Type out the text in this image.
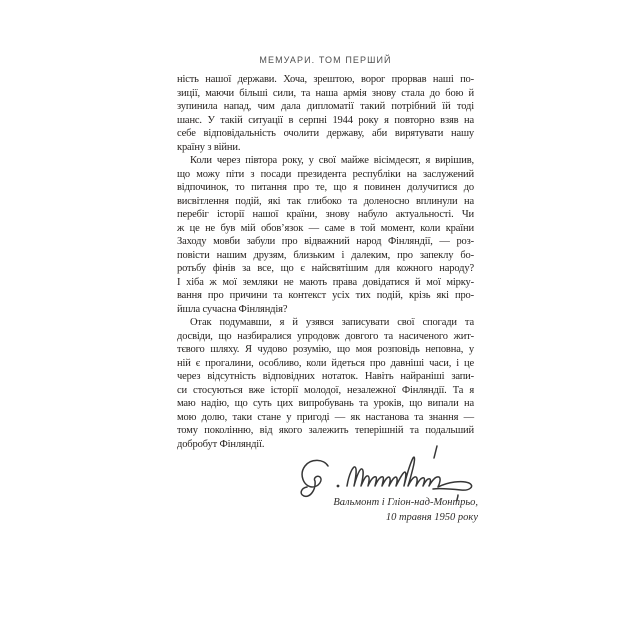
МЕМУАРИ. ТОМ ПЕРШИЙ
ність нашої держави. Хоча, зрештою, ворог прорвав наші по-
зиції, маючи більші сили, та наша армія знову стала до бою й
зупинила напад, чим дала дипломатії такий потрібний їй тоді
шанс. У такій ситуації в серпні 1944 року я повторно взяв на
себе відповідальність очолити державу, аби вирятувати нашу
країну з війни.
Коли через півтора року, у свої майже вісімдесят, я вирішив,
що можу піти з посади президента республіки на заслужений
відпочинок, то питання про те, що я повинен долучитися до
висвітлення подій, які так глибоко та доленосно вплинули на
перебіг історії нашої країни, знову набуло актуальності. Чи
ж це не був мій обов’язок — саме в той момент, коли країни
Заходу мовби забули про відважний народ Фінляндії, — роз-
повісти нашим друзям, близьким і далеким, про запеклу бо-
ротьбу фінів за все, що є найсвятішим для кожного народу?
І хіба ж мої земляки не мають права довідатися й мої мірку-
вання про причини та контекст усіх тих подій, крізь які про-
йшла сучасна Фінляндія?
Отак подумавши, я й узявся записувати свої спогади та
досвіди, що назбиралися упродовж довгого та насиченого жит-
тєвого шляху. Я чудово розумію, що моя розповідь неповна, у
ній є прогалини, особливо, коли йдеться про давніші часи, і це
через відсутність відповідних нотаток. Навіть найраніші запи-
си стосуються вже історії молодої, незалежної Фінляндії. Та я
маю надію, що суть цих випробувань та уроків, що випали на
мою долю, таки стане у пригоді — як настанова та знання —
тому поколінню, від якого залежить теперішній та подальший
добробут Фінляндії.
Вальмонт і Гліон-над-Монтрьо,
10 травня 1950 року
